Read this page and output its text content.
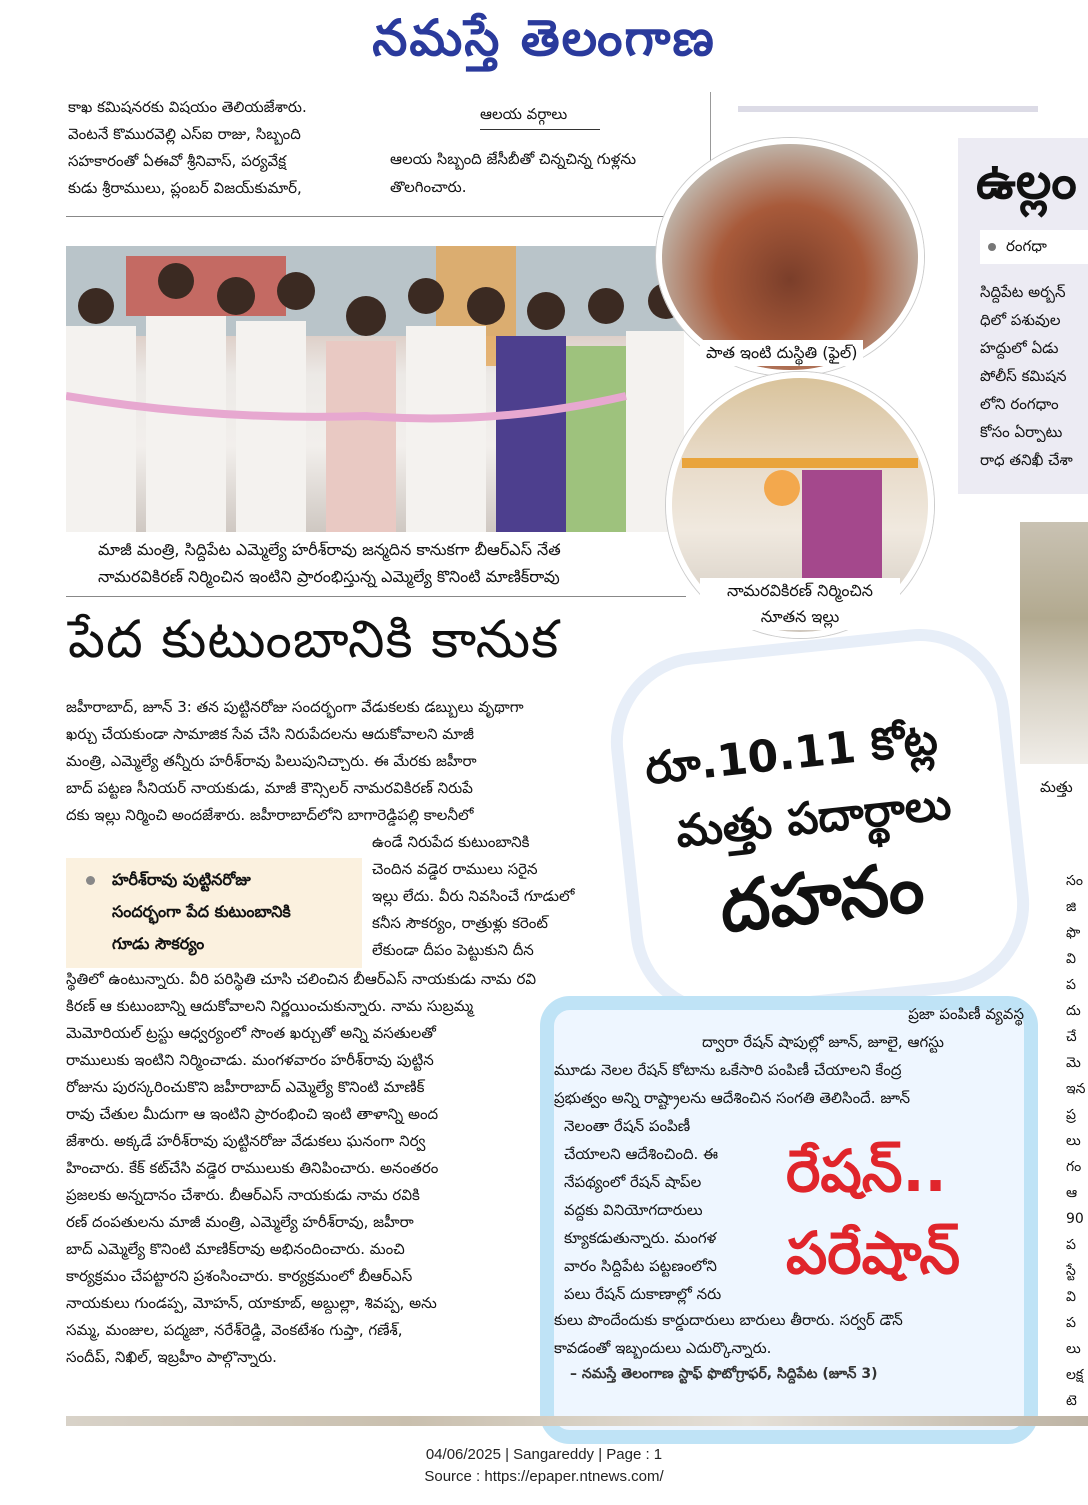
నమస్తే తెలంగాణ
కాఖ కమిషనరకు విషయం తెలియజేశారు.
వెంటనే కొమురవెల్లి ఎస్ఐ రాజు, సిబ్బంది
సహకారంతో ఏఈవో శ్రీనివాస్, పర్యవేక్ష
కుడు శ్రీరాములు, ప్లంబర్ విజయ్‌కుమార్,
ఆలయ వర్గాలు
ఆలయ సిబ్బంది జేసీబీతో చిన్నచిన్న గుళ్లను
తొలగించారు.
పాత ఇంటి దుస్థితి (ఫైల్)
నామరవికిరణ్ నిర్మించిన
నూతన ఇల్లు
మాజీ మంత్రి, సిద్దిపేట ఎమ్మెల్యే హరీశ్‌రావు జన్మదిన కానుకగా బీఆర్ఎస్ నేత
నామరవికిరణ్ నిర్మించిన ఇంటిని ప్రారంభిస్తున్న ఎమ్మెల్యే కొనింటి మాణిక్‌రావు
పేద కుటుంబానికి కానుక
జహీరాబాద్, జూన్ 3: తన పుట్టినరోజు సందర్భంగా వేడుకలకు డబ్బులు వృథాగా
ఖర్చు చేయకుండా సామాజిక సేవ చేసి నిరుపేదలను ఆదుకోవాలని మాజీ
మంత్రి, ఎమ్మెల్యే తన్నీరు హరీశ్‌రావు పిలుపునిచ్చారు. ఈ మేరకు జహీరా
బాద్ పట్టణ సీనియర్ నాయకుడు, మాజీ కౌన్సిలర్ నామరవికిరణ్ నిరుపే
దకు ఇల్లు నిర్మించి అందజేశారు. జహీరాబాద్‌లోని బాగారెడ్డిపల్లి కాలనీలో
హరీశ్‌రావు పుట్టినరోజు
సందర్భంగా పేద కుటుంబానికి
గూడు సౌకర్యం
ఉండే నిరుపేద కుటుంబానికి
చెందిన వడ్డెర రాములు సరైన
ఇల్లు లేదు. వీరు నివసించే గూడులో
కనీస సౌకర్యం, రాత్రుళ్లు కరెంట్
లేకుండా దీపం పెట్టుకుని దీన
స్థితిలో ఉంటున్నారు. వీరి పరిస్థితి చూసి చలించిన బీఆర్ఎస్ నాయకుడు నామ రవి
కిరణ్ ఆ కుటుంబాన్ని ఆదుకోవాలని నిర్ణయించుకున్నారు. నామ సుబ్రమ్మ
మెమోరియల్ ట్రస్టు ఆధ్వర్యంలో సొంత ఖర్చుతో అన్ని వసతులతో
రాములుకు ఇంటిని నిర్మించాడు. మంగళవారం హరీశ్‌రావు పుట్టిన
రోజును పురస్కరించుకొని జహీరాబాద్ ఎమ్మెల్యే కొనింటి మాణిక్
రావు చేతుల మీదుగా ఆ ఇంటిని ప్రారంభించి ఇంటి తాళాన్ని అంద
జేశారు. అక్కడే హరీశ్‌రావు పుట్టినరోజు వేడుకలు ఘనంగా నిర్వ
హించారు. కేక్ కట్‌చేసి వడ్డెర రాములుకు తినిపించారు. అనంతరం
ప్రజలకు అన్నదానం చేశారు. బీఆర్ఎస్ నాయకుడు నామ రవికి
రణ్ దంపతులను మాజీ మంత్రి, ఎమ్మెల్యే హరీశ్‌రావు, జహీరా
బాద్ ఎమ్మెల్యే కొనింటి మాణిక్‌రావు అభినందించారు. మంచి
కార్యక్రమం చేపట్టారని ప్రశంసించారు. కార్యక్రమంలో బీఆర్ఎస్
నాయకులు గుండప్ప, మోహన్, యాకూబ్, అబ్దుల్లా, శివప్ప, అను
సమ్మ, మంజుల, పద్మజా, నరేశ్‌రెడ్డి, వెంకటేశం గుప్తా, గణేశ్,
సందీప్, నిఖిల్, ఇబ్రహీం పాల్గొన్నారు.
ఉల్లం
రంగధా
సిద్దిపేట అర్బన్
ధిలో పశువుల
హద్దులో ఏడు
పోలీస్ కమిషన
లోని రంగధాం
కోసం ఏర్పాటు
రాధ తనిఖీ చేశా
మత్తు
రూ.10.11 కోట్ల
మత్తు పదార్థాలు
దహనం
ప్రజా పంపిణీ వ్యవస్థ
ద్వారా రేషన్ షాపుల్లో జూన్, జూలై, ఆగస్టు
మూడు నెలల రేషన్ కోటాను ఒకేసారి పంపిణీ చేయాలని కేంద్ర
ప్రభుత్వం అన్ని రాష్ట్రాలను ఆదేశించిన సంగతి తెలిసిందే. జూన్
నెలంతా రేషన్ పంపిణీ
చేయాలని ఆదేశించింది. ఈ
నేపథ్యంలో రేషన్ షాప్‌ల
వద్దకు వినియోగదారులు
క్యూకడుతున్నారు. మంగళ
వారం సిద్దిపేట పట్టణంలోని
పలు రేషన్ దుకాణాల్లో నరు
రేషన్..
పరేషాన్
కులు పొందేందుకు కార్డుదారులు బారులు తీరారు. సర్వర్ డౌన్
కావడంతో ఇబ్బందులు ఎదుర్కొన్నారు.
– నమస్తే తెలంగాణ స్టాఫ్ ఫొటోగ్రాఫర్, సిద్దిపేట (జూన్ 3)
సం
జి
ఫొ
వి
ప
దు
చే
మె
ఇన
ప్ర
లు
గం
ఆ
90
ప
స్టే
వి
ప
లు
లక్ష
టె
04/06/2025 | Sangareddy | Page : 1
Source : https://epaper.ntnews.com/
